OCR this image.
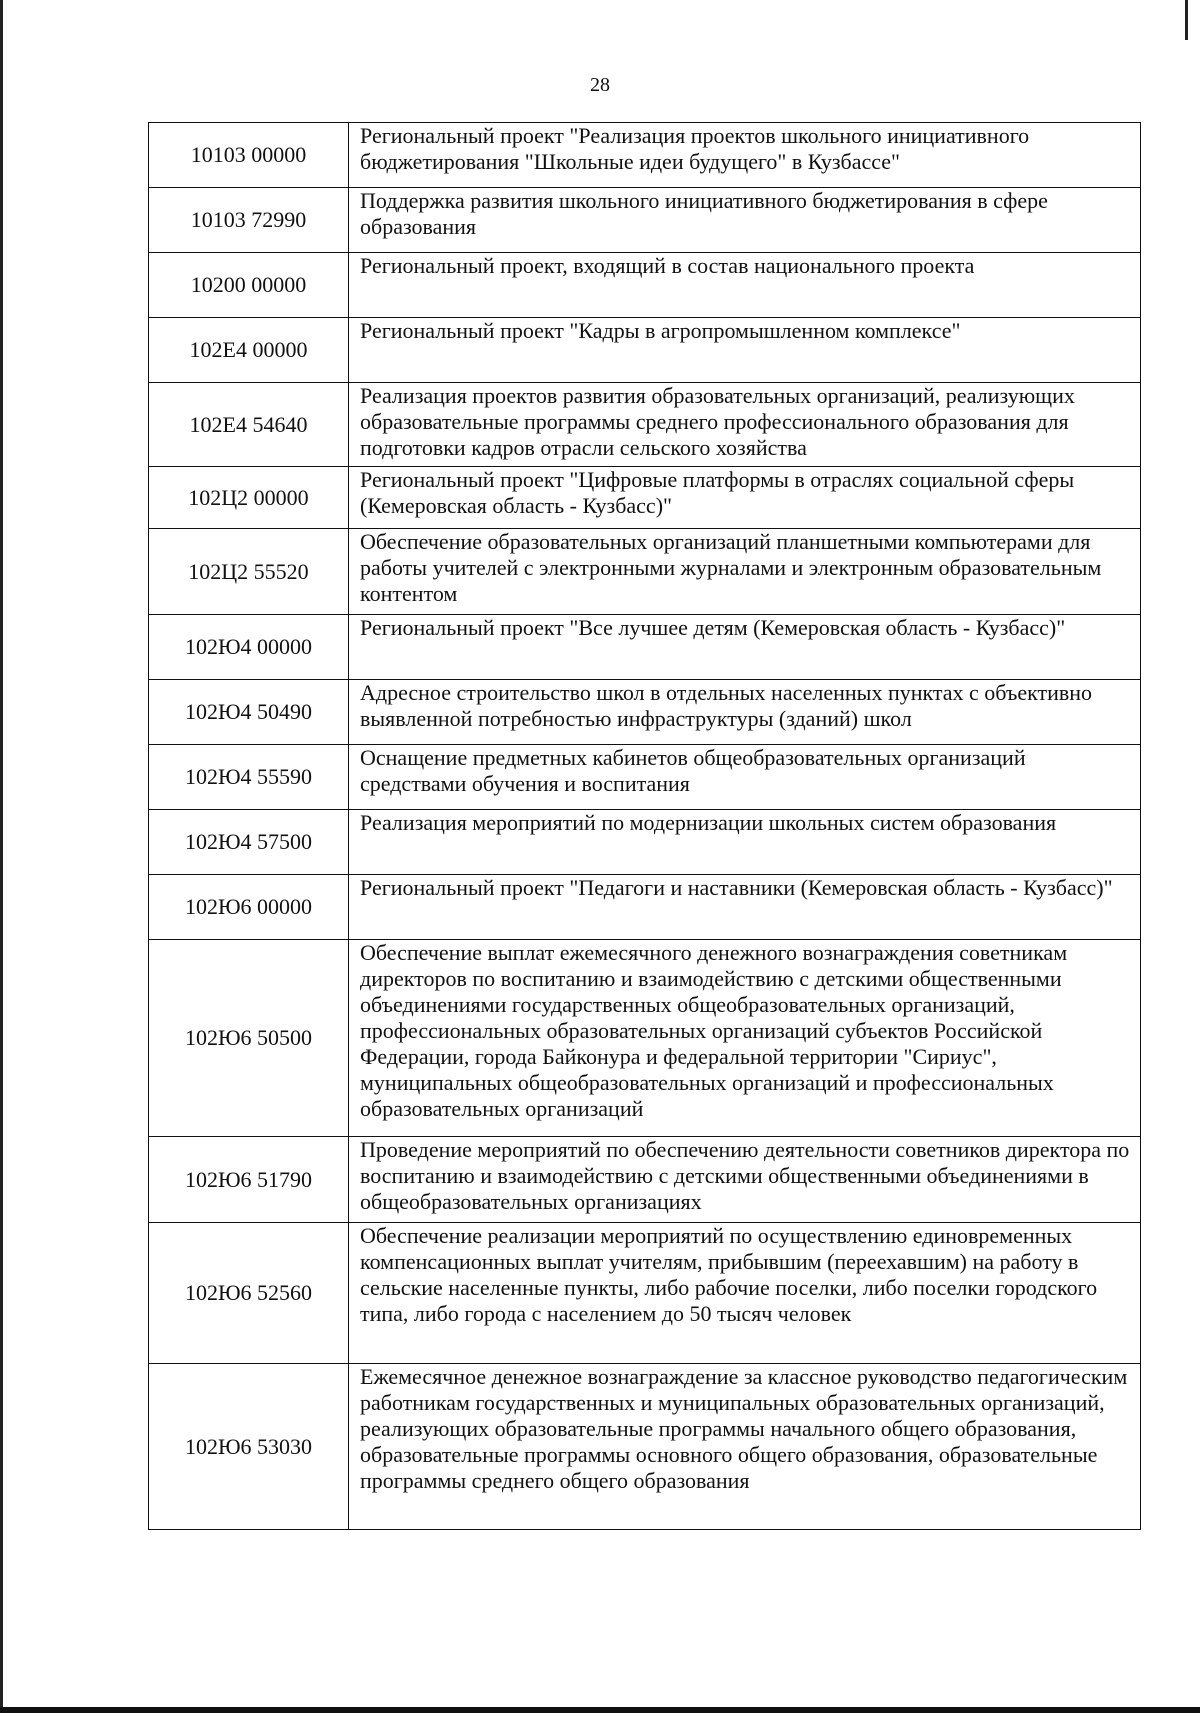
28
10103 00000	Региональный проект "Реализация проектов школьного инициативного бюджетирования "Школьные идеи будущего" в Кузбассе"
10103 72990	Поддержка развития школьного инициативного бюджетирования в сфере образования
10200 00000	Региональный проект, входящий в состав национального проекта
102E4 00000	Региональный проект "Кадры в агропромышленном комплексе"
102E4 54640	Реализация проектов развития образовательных организаций, реализующих образовательные программы среднего профессионального образования для подготовки кадров отрасли сельского хозяйства
102Ц2 00000	Региональный проект "Цифровые платформы в отраслях социальной сферы (Кемеровская область - Кузбасс)"
102Ц2 55520	Обеспечение образовательных организаций планшетными компьютерами для работы учителей с электронными журналами и электронным образовательным контентом
102Ю4 00000	Региональный проект "Все лучшее детям (Кемеровская область - Кузбасс)"
102Ю4 50490	Адресное строительство школ в отдельных населенных пунктах с объективно выявленной потребностью инфраструктуры (зданий) школ
102Ю4 55590	Оснащение предметных кабинетов общеобразовательных организаций средствами обучения и воспитания
102Ю4 57500	Реализация мероприятий по модернизации школьных систем образования
102Ю6 00000	Региональный проект "Педагоги и наставники (Кемеровская область - Кузбасс)"
102Ю6 50500	Обеспечение выплат ежемесячного денежного вознаграждения советникам директоров по воспитанию и взаимодействию с детскими общественными объединениями государственных общеобразовательных организаций, профессиональных образовательных организаций субъектов Российской Федерации, города Байконура и федеральной территории "Сириус", муниципальных общеобразовательных организаций и профессиональных образовательных организаций
102Ю6 51790	Проведение мероприятий по обеспечению деятельности советников директора по воспитанию и взаимодействию с детскими общественными объединениями в общеобразовательных организациях
102Ю6 52560	Обеспечение реализации мероприятий по осуществлению единовременных компенсационных выплат учителям, прибывшим (переехавшим) на работу в сельские населенные пункты, либо рабочие поселки, либо поселки городского типа, либо города с населением до 50 тысяч человек
102Ю6 53030	Ежемесячное денежное вознаграждение за классное руководство педагогическим работникам государственных и муниципальных образовательных организаций, реализующих образовательные программы начального общего образования, образовательные программы основного общего образования, образовательные программы среднего общего образования
